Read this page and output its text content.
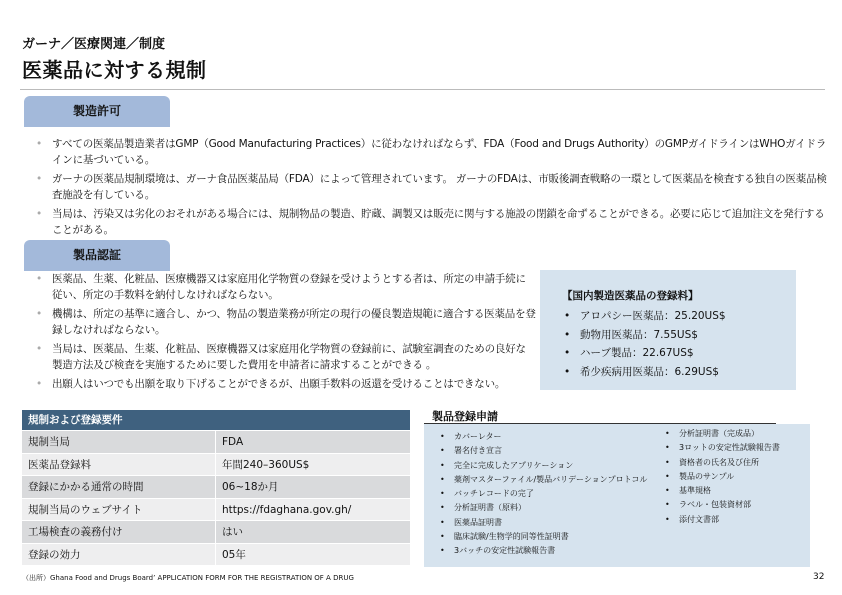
ガーナ／医療関連／制度
医薬品に対する規制
製造許可
• すべての医薬品製造業者はGMP（Good Manufacturing Practices）に従わなければならず、FDA（Food and Drugs Authority）のGMPガイドラインはWHOガイドラインに基づいている。
• ガーナの医薬品規制環境は、ガーナ食品医薬品局（FDA）によって管理されています。 ガーナのFDAは、市販後調査戦略の一環として医薬品を検査する独自の医薬品検査施設を有している。
• 当局は、汚染又は劣化のおそれがある場合には、規制物品の製造、貯蔵、調製又は販売に関与する施設の閉鎖を命ずることができる。必要に応じて追加注文を発行することがある。
製品認証
• 医薬品、生薬、化粧品、医療機器又は家庭用化学物質の登録を受けようとする者は、所定の申請手続に従い、所定の手数料を納付しなければならない。
• 機構は、所定の基準に適合し、かつ、物品の製造業務が所定の現行の優良製造規範に適合する医薬品を登録しなければならない。
• 当局は、医薬品、生薬、化粧品、医療機器又は家庭用化学物質の登録前に、試験室調査のための良好な製造方法及び検査を実施するために要した費用を申請者に請求することができる 。
• 出願人はいつでも出願を取り下げることができるが、出願手数料の返還を受けることはできない。
【国内製造医薬品の登録料】
• アロパシー医薬品：25.20US$
• 動物用医薬品：7.55US$
• ハーブ製品：22.67US$
• 希少疾病用医薬品：6.29US$
規制および登録要件
規制当局	FDA
医薬品登録料	年間240–360US$
登録にかかる通常の時間	06~18か月
規制当局のウェブサイト	https://fdaghana.gov.gh/
工場検査の義務付け	はい
登録の効力	05年
製品登録申請
• カバーレター
• 署名付き宣言
• 完全に完成したアプリケーション
• 薬剤マスターファイル/製品バリデーションプロトコル
• バッチレコードの完了
• 分析証明書（原料）
• 医薬品証明書
• 臨床試験/生物学的同等性証明書
• 3バッチの安定性試験報告書
• 分析証明書（完成品）
• 3ロットの安定性試験報告書
• 資格者の氏名及び住所
• 製品のサンプル
• 基準規格
• ラベル・包装資材部
• 添付文書部
（出所）Ghana Food and Drugs Board’ APPLICATION FORM FOR THE REGISTRATION OF A DRUG	32
